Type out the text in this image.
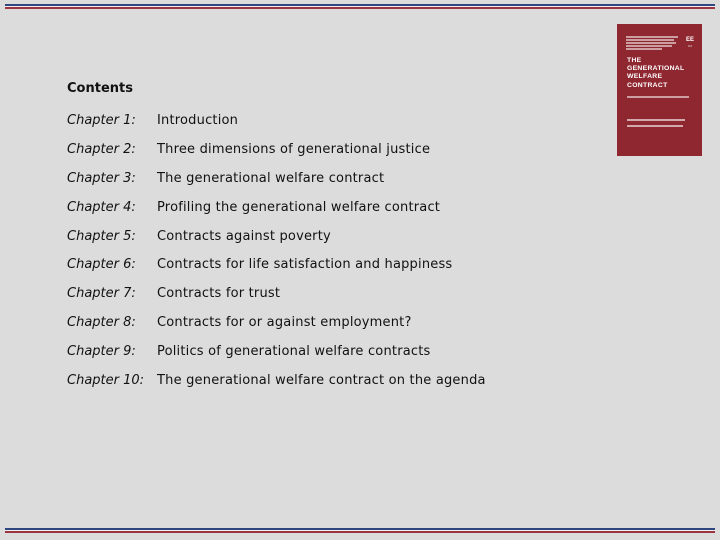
Contents
Chapter 1:	Introduction
Chapter 2:	Three dimensions of generational justice
Chapter 3:	The generational welfare contract
Chapter 4:	Profiling the generational welfare contract
Chapter 5:	Contracts against poverty
Chapter 6:	Contracts for life satisfaction and happiness
Chapter 7:	Contracts for trust
Chapter 8:	Contracts for or against employment?
Chapter 9:	Politics of generational welfare contracts
Chapter 10: The generational welfare contract on the agenda
EE
•••

THE
GENERATIONAL
WELFARE
CONTRACT
